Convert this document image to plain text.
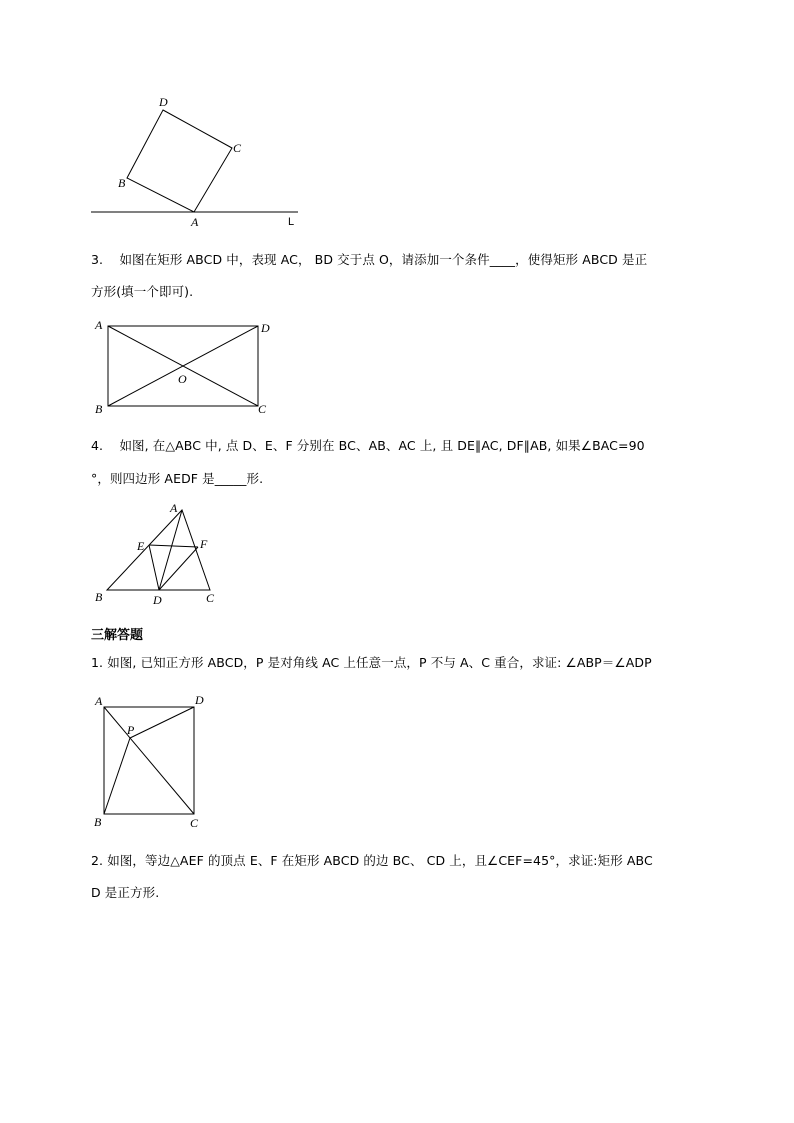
D
C
B
A	L
3. 如图在矩形 ABCD 中，表现 AC， BD 交于点 O，请添加一个条件____，使得矩形 ABCD 是正
方形(填一个即可).
A	D
O
B	C
4. 如图, 在△ABC 中, 点 D、E、F 分别在 BC、AB、AC 上, 且 DE∥AC, DF∥AB, 如果∠BAC=90
°，则四边形 AEDF 是_____形.
A
E	F
B	D	C
三解答题
1. 如图, 已知正方形 ABCD，P 是对角线 AC 上任意一点，P 不与 A、C 重合，求证: ∠ABP＝∠ADP
A	D
P
B	C
2. 如图，等边△AEF 的顶点 E、F 在矩形 ABCD 的边 BC、 CD 上，且∠CEF=45°，求证:矩形 ABC
D 是正方形.
